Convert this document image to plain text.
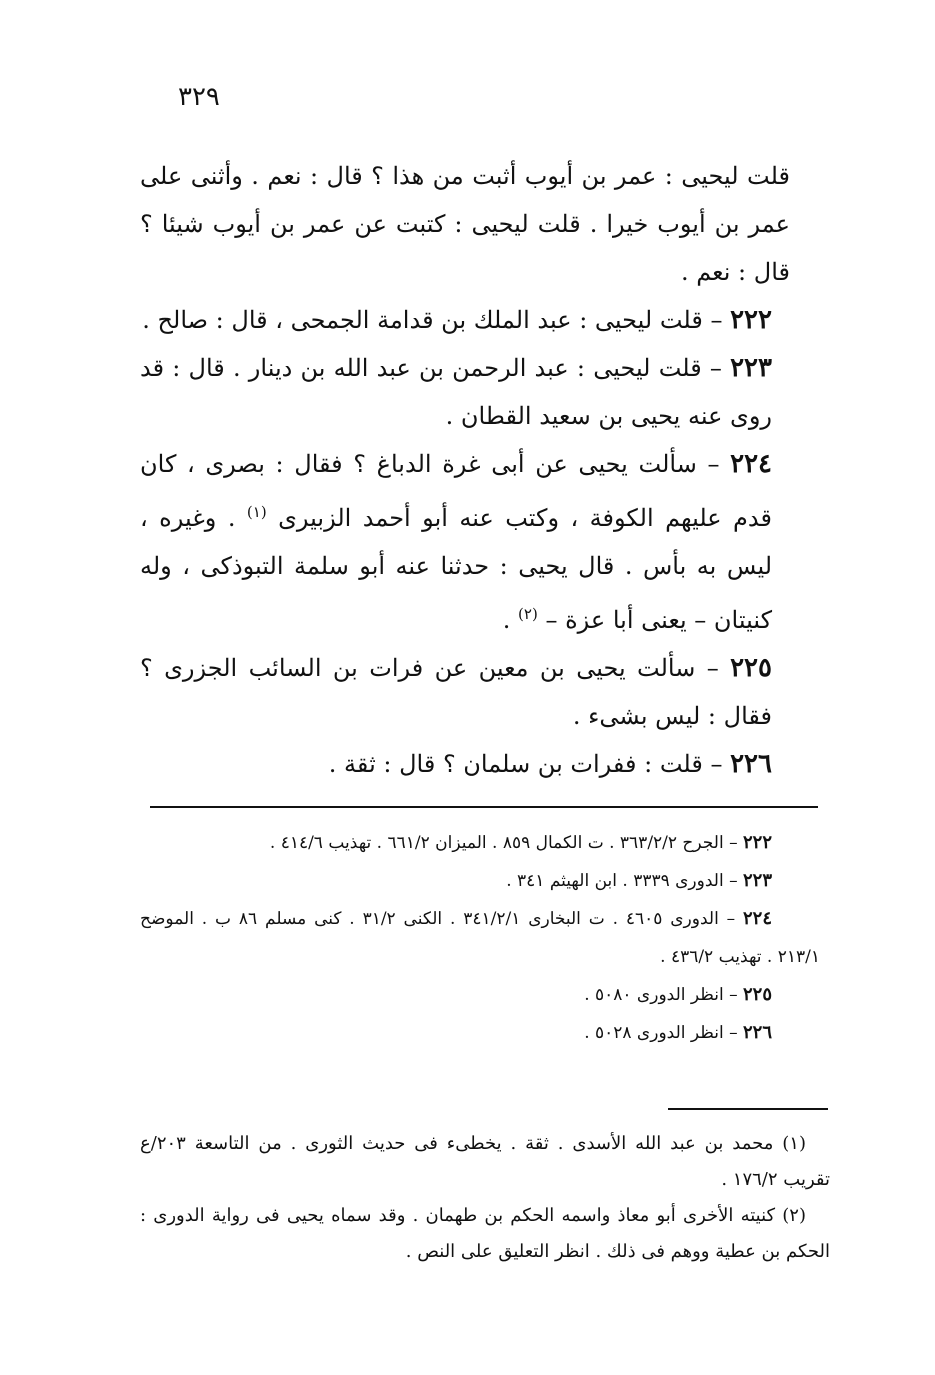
٣٢٩

قلت ليحيى : عمر بن أيوب أثبت من هذا ؟ قال : نعم . وأثنى على عمر بن أيوب خيرا . قلت ليحيى : كتبت عن عمر بن أيوب شيئا ؟ قال : نعم .

٢٢٢ – قلت ليحيى : عبد الملك بن قدامة الجمحى ، قال : صالح .

٢٢٣ – قلت ليحيى : عبد الرحمن بن عبد الله بن دينار . قال : قد روى عنه يحيى بن سعيد القطان .

٢٢٤ – سألت يحيى عن أبى غرة الدباغ ؟ فقال : بصرى ، كان قدم عليهم الكوفة ، وكتب عنه أبو أحمد الزبيرى $^{(١)}$ . وغيره ، ليس به بأس . قال يحيى : حدثنا عنه أبو سلمة التبوذكى ، وله كنيتان – يعنى أبا عزة – $^{(٢)}$ .

٢٢٥ – سألت يحيى بن معين عن فرات بن السائب الجزرى ؟ فقال : ليس بشىء .

٢٢٦ – قلت : ففرات بن سلمان ؟ قال : ثقة .

٢٢٢ – الجرح ٣٦٣/٢/٢ . ت الكمال ٨٥٩ . الميزان ٦٦١/٢ . تهذيب ٤١٤/٦ .

٢٢٣ – الدورى ٣٣٣٩ . ابن الهيثم ٣٤١ .

٢٢٤ – الدورى ٤٦٠٥ . ت البخارى ٣٤١/٢/١ . الكنى ٣١/٢ . كنى مسلم ٨٦ ب . الموضح ٢١٣/١ . تهذيب ٤٣٦/٢ .

٢٢٥ – انظر الدورى ٥٠٨٠ .

٢٢٦ – انظر الدورى ٥٠٢٨ .

(١) محمد بن عبد الله الأسدى . ثقة . يخطىء فى حديث الثورى . من التاسعة ٢٠٣/ع تقريب ١٧٦/٢ .

(٢) كنيته الأخرى أبو معاذ واسمه الحكم بن طهمان . وقد سماه يحيى فى رواية الدورى : الحكم بن عطية ووهم فى ذلك . انظر التعليق على النص .
